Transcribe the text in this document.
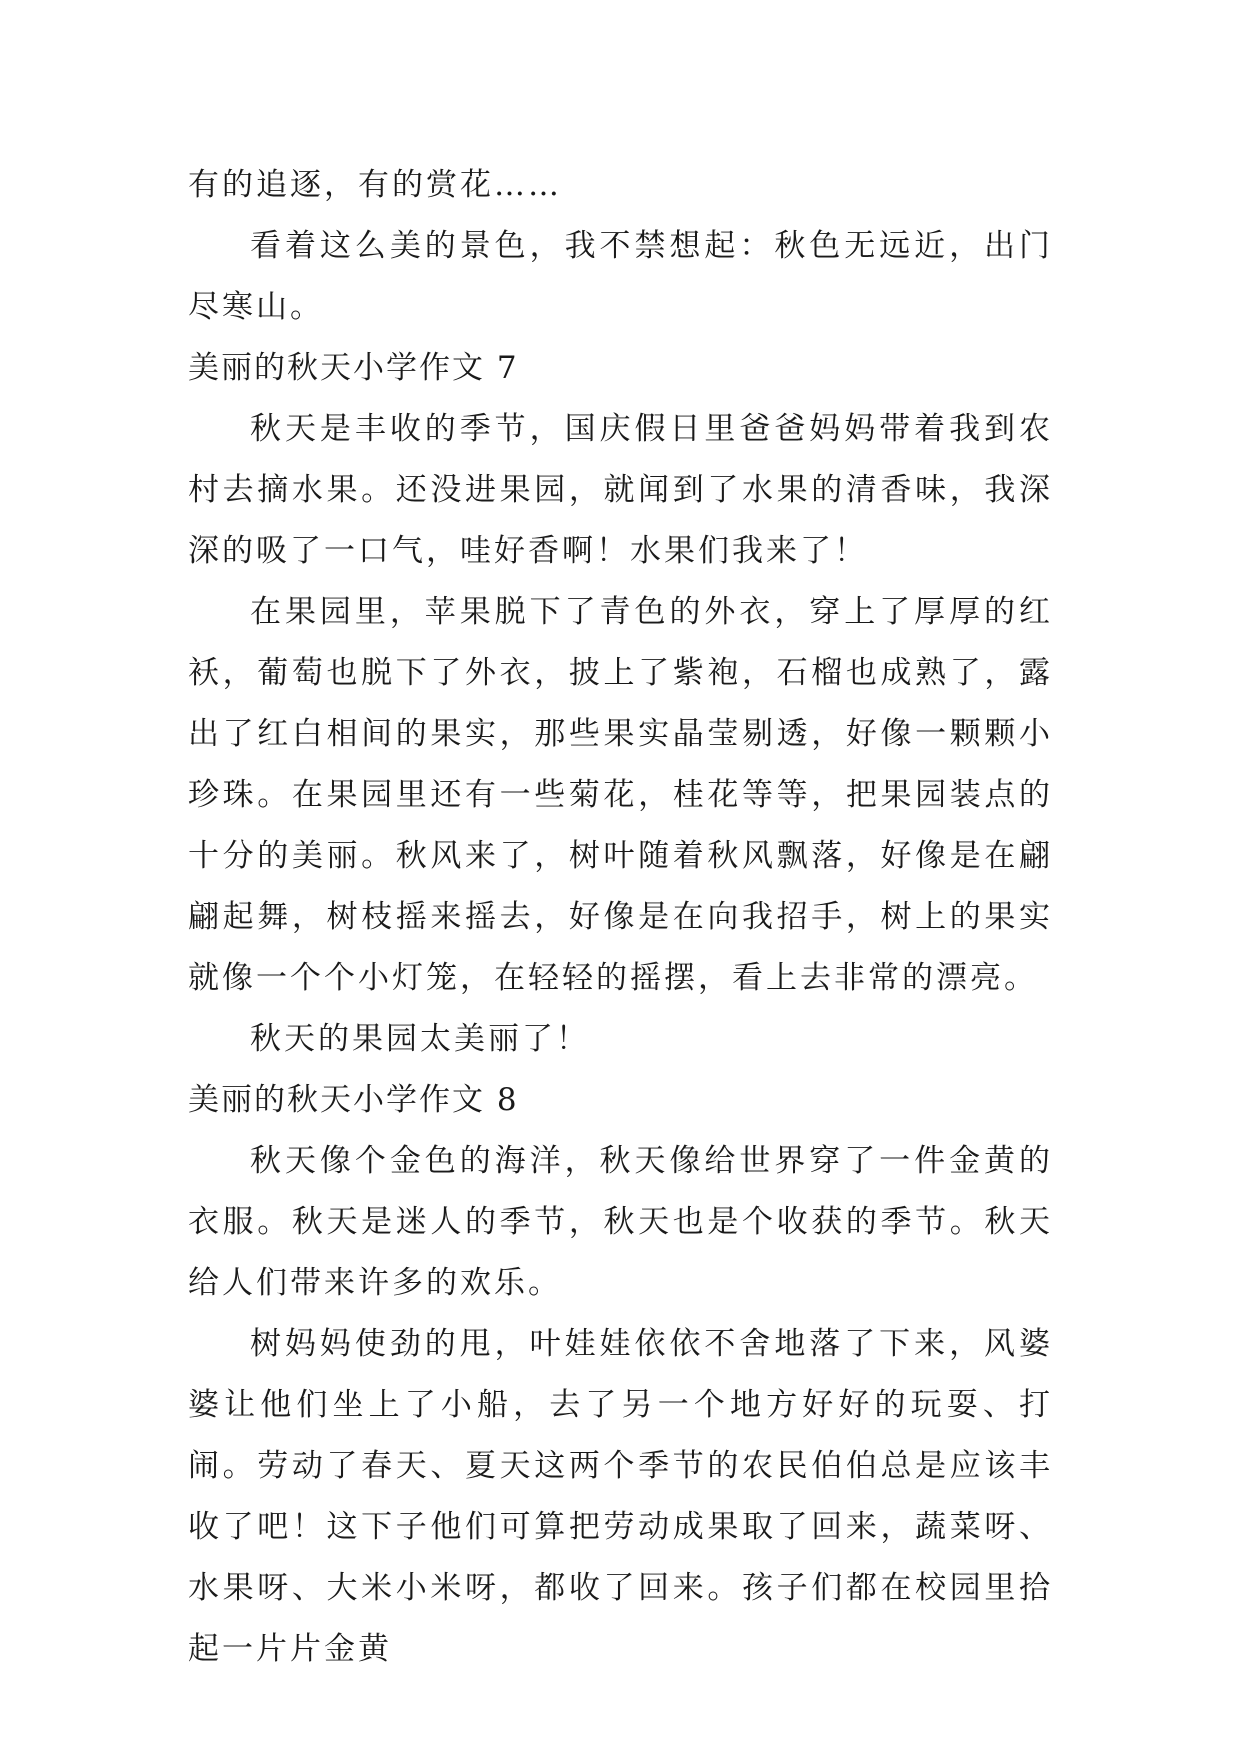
有的追逐，有的赏花……

看着这么美的景色，我不禁想起：秋色无远近，出门尽寒山。

美丽的秋天小学作文 7

秋天是丰收的季节，国庆假日里爸爸妈妈带着我到农村去摘水果。还没进果园，就闻到了水果的清香味，我深深的吸了一口气，哇好香啊！水果们我来了！

在果园里，苹果脱下了青色的外衣，穿上了厚厚的红袄，葡萄也脱下了外衣，披上了紫袍，石榴也成熟了，露出了红白相间的果实，那些果实晶莹剔透，好像一颗颗小珍珠。在果园里还有一些菊花，桂花等等，把果园装点的十分的美丽。秋风来了，树叶随着秋风飘落，好像是在翩翩起舞，树枝摇来摇去，好像是在向我招手，树上的果实就像一个个小灯笼，在轻轻的摇摆，看上去非常的漂亮。

秋天的果园太美丽了！

美丽的秋天小学作文 8

秋天像个金色的海洋，秋天像给世界穿了一件金黄的衣服。秋天是迷人的季节，秋天也是个收获的季节。秋天给人们带来许多的欢乐。

树妈妈使劲的甩，叶娃娃依依不舍地落了下来，风婆婆让他们坐上了小船，去了另一个地方好好的玩耍、打闹。劳动了春天、夏天这两个季节的农民伯伯总是应该丰收了吧！这下子他们可算把劳动成果取了回来，蔬菜呀、水果呀、大米小米呀，都收了回来。孩子们都在校园里拾起一片片金黄
